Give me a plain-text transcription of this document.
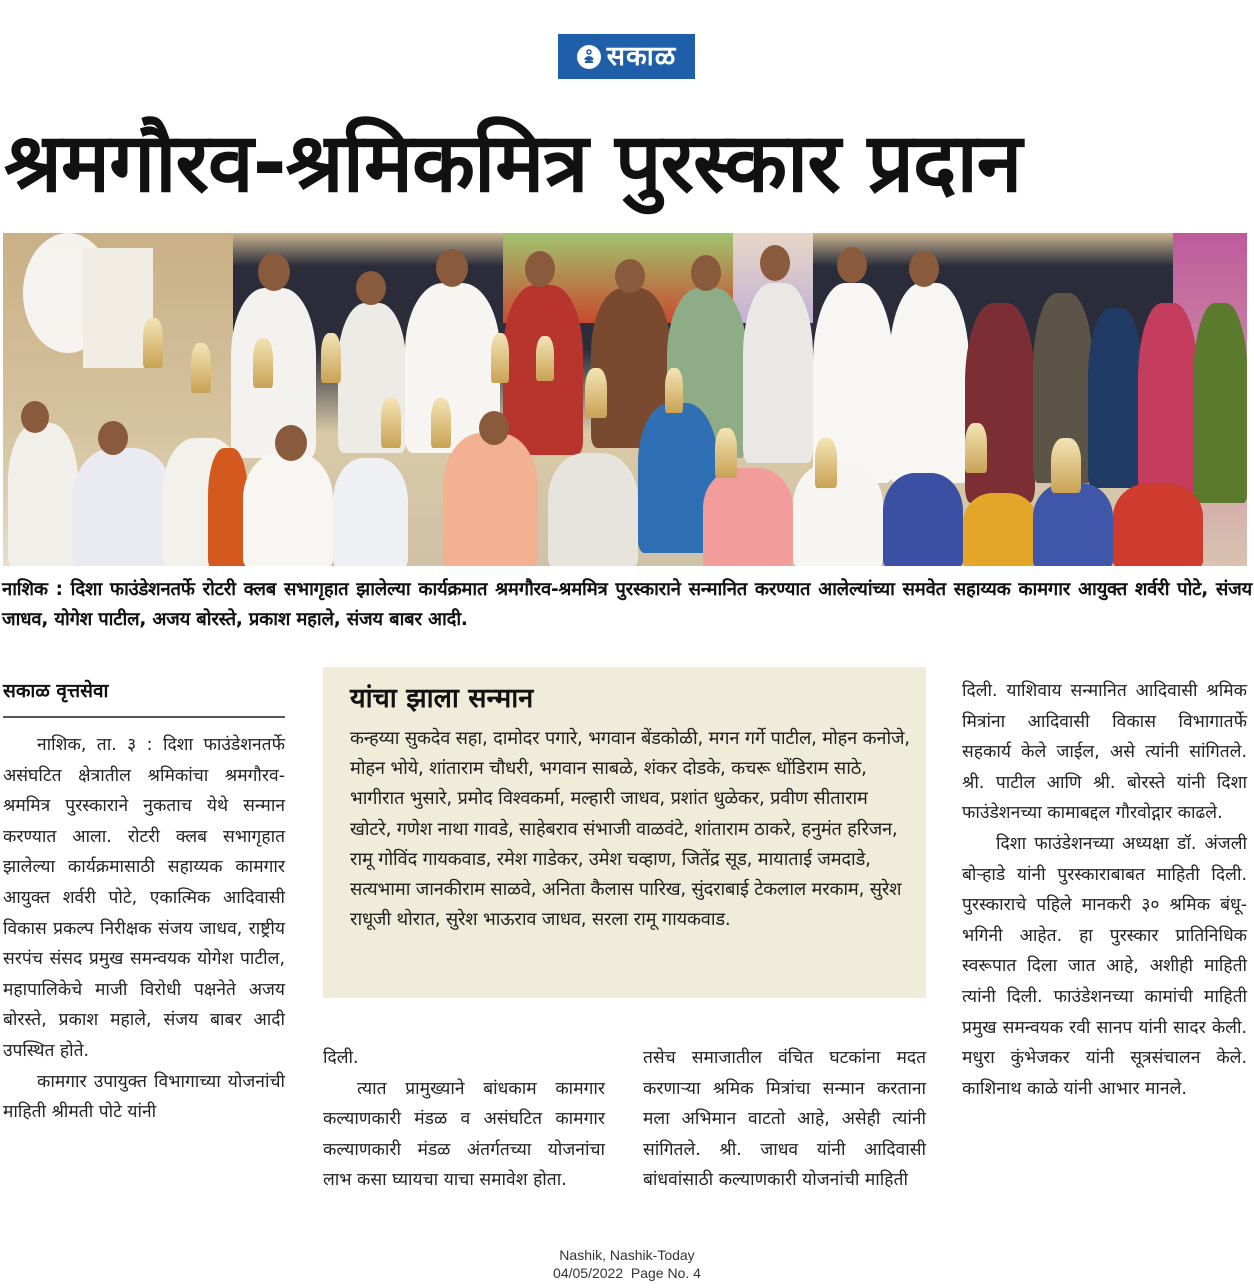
सकाळ
श्रमगौरव-श्रमिकमित्र पुरस्कार प्रदान
नाशिक : दिशा फाउंडेशनतर्फे रोटरी क्लब सभागृहात झालेल्या कार्यक्रमात श्रमगौरव-श्रममित्र पुरस्काराने सन्मानित करण्यात आलेल्यांच्या समवेत सहाय्यक कामगार आयुक्त शर्वरी पोटे, संजय जाधव, योगेश पाटील, अजय बोरस्ते, प्रकाश महाले, संजय बाबर आदी.
सकाळ वृत्तसेवा

नाशिक, ता. ३ : दिशा फाउंडेशनतर्फे असंघटित क्षेत्रातील श्रमिकांचा श्रमगौरव- श्रममित्र पुरस्काराने नुकताच येथे सन्मान करण्यात आला. रोटरी क्लब सभागृहात झालेल्या कार्यक्रमासाठी सहाय्यक कामगार आयुक्त शर्वरी पोटे, एकात्मिक आदिवासी विकास प्रकल्प निरीक्षक संजय जाधव, राष्ट्रीय सरपंच संसद प्रमुख समन्वयक योगेश पाटील, महापालिकेचे माजी विरोधी पक्षनेते अजय बोरस्ते, प्रकाश महाले, संजय बाबर आदी उपस्थित होते.

कामगार उपायुक्त विभागाच्या योजनांची माहिती श्रीमती पोटे यांनी

यांचा झाला सन्मान
कन्हय्या सुकदेव सहा, दामोदर पगारे, भगवान बेंडकोळी, मगन गर्गे पाटील, मोहन कनोजे, मोहन भोये, शांताराम चौधरी, भगवान साबळे, शंकर दोडके, कचरू धोंडिराम साठे, भागीरात भुसारे, प्रमोद विश्वकर्मा, मल्हारी जाधव, प्रशांत धुळेकर, प्रवीण सीताराम खोटरे, गणेश नाथा गावडे, साहेबराव संभाजी वाळवंटे, शांताराम ठाकरे, हनुमंत हरिजन, रामू गोविंद गायकवाड, रमेश गाडेकर, उमेश चव्हाण, जितेंद्र सूड, मायाताई जमदाडे, सत्यभामा जानकीराम साळवे, अनिता कैलास पारिख, सुंदराबाई टेकलाल मरकाम, सुरेश राधूजी थोरात, सुरेश भाऊराव जाधव, सरला रामू गायकवाड.

दिली.

त्यात प्रामुख्याने बांधकाम कामगार कल्याणकारी मंडळ व असंघटित कामगार कल्याणकारी मंडळ अंतर्गतच्या योजनांचा लाभ कसा घ्यायचा याचा समावेश होता.

तसेच समाजातील वंचित घटकांना मदत करणाऱ्या श्रमिक मित्रांचा सन्मान करताना मला अभिमान वाटतो आहे, असेही त्यांनी सांगितले. श्री. जाधव यांनी आदिवासी बांधवांसाठी कल्याणकारी योजनांची माहिती

दिली. याशिवाय सन्मानित आदिवासी श्रमिक मित्रांना आदिवासी विकास विभागातर्फे सहकार्य केले जाईल, असे त्यांनी सांगितले. श्री. पाटील आणि श्री. बोरस्ते यांनी दिशा फाउंडेशनच्या कामाबद्दल गौरवोद्गार काढले.

दिशा फाउंडेशनच्या अध्यक्षा डॉ. अंजली बोऱ्हाडे यांनी पुरस्काराबाबत माहिती दिली. पुरस्काराचे पहिले मानकरी ३० श्रमिक बंधू-भगिनी आहेत. हा पुरस्कार प्रातिनिधिक स्वरूपात दिला जात आहे, अशीही माहिती त्यांनी दिली. फाउंडेशनच्या कामांची माहिती प्रमुख समन्वयक रवी सानप यांनी सादर केली. मधुरा कुंभेजकर यांनी सूत्रसंचालन केले. काशिनाथ काळे यांनी आभार मानले.

Nashik, Nashik-Today
04/05/2022  Page No. 4
